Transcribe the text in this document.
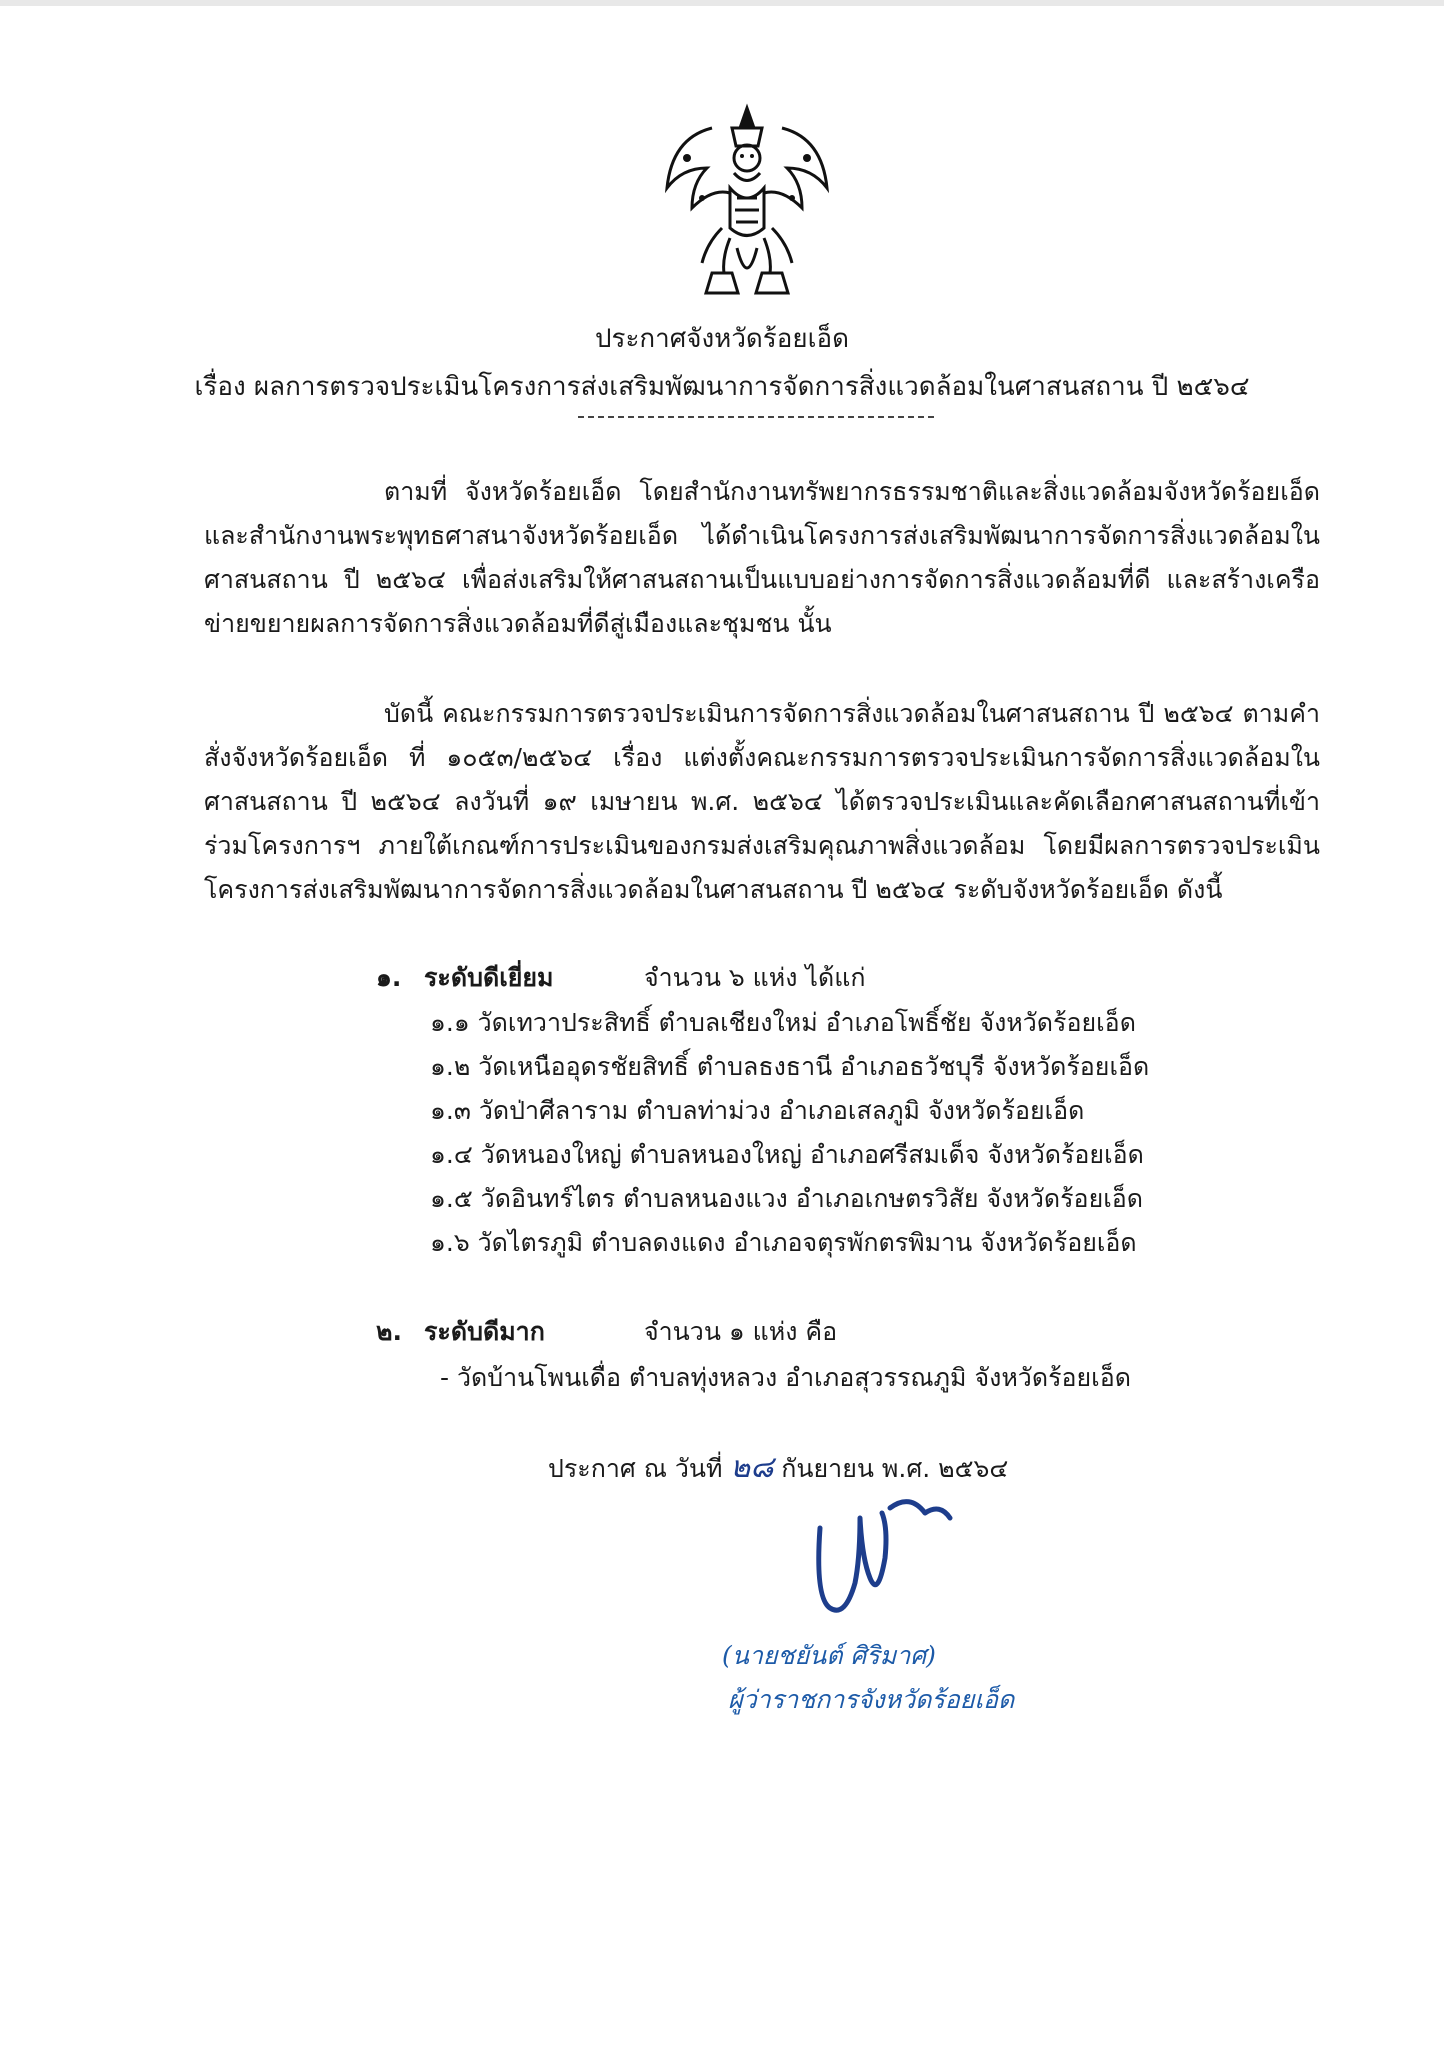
ประกาศจังหวัดร้อยเอ็ด
เรื่อง ผลการตรวจประเมินโครงการส่งเสริมพัฒนาการจัดการสิ่งแวดล้อมในศาสนสถาน ปี ๒๕๖๔
ตามที่ จังหวัดร้อยเอ็ด โดยสำนักงานทรัพยากรธรรมชาติและสิ่งแวดล้อมจังหวัดร้อยเอ็ดและสำนักงานพระพุทธศาสนาจังหวัดร้อยเอ็ด ได้ดำเนินโครงการส่งเสริมพัฒนาการจัดการสิ่งแวดล้อมในศาสนสถาน ปี ๒๕๖๔ เพื่อส่งเสริมให้ศาสนสถานเป็นแบบอย่างการจัดการสิ่งแวดล้อมที่ดี และสร้างเครือข่ายขยายผลการจัดการสิ่งแวดล้อมที่ดีสู่เมืองและชุมชน นั้น
บัดนี้ คณะกรรมการตรวจประเมินการจัดการสิ่งแวดล้อมในศาสนสถาน ปี ๒๕๖๔ ตามคำสั่งจังหวัดร้อยเอ็ด ที่ ๑๐๕๓/๒๕๖๔ เรื่อง แต่งตั้งคณะกรรมการตรวจประเมินการจัดการสิ่งแวดล้อมในศาสนสถาน ปี ๒๕๖๔ ลงวันที่ ๑๙ เมษายน พ.ศ. ๒๕๖๔ ได้ตรวจประเมินและคัดเลือกศาสนสถานที่เข้าร่วมโครงการฯ ภายใต้เกณฑ์การประเมินของกรมส่งเสริมคุณภาพสิ่งแวดล้อม โดยมีผลการตรวจประเมินโครงการส่งเสริมพัฒนาการจัดการสิ่งแวดล้อมในศาสนสถาน ปี ๒๕๖๔ ระดับจังหวัดร้อยเอ็ด ดังนี้
๑. ระดับดีเยี่ยม	จำนวน ๖ แห่ง ได้แก่
๑.๑ วัดเทวาประสิทธิ์ ตำบลเชียงใหม่ อำเภอโพธิ์ชัย จังหวัดร้อยเอ็ด
๑.๒ วัดเหนืออุดรชัยสิทธิ์ ตำบลธงธานี อำเภอธวัชบุรี จังหวัดร้อยเอ็ด
๑.๓ วัดป่าศีลาราม ตำบลท่าม่วง อำเภอเสลภูมิ จังหวัดร้อยเอ็ด
๑.๔ วัดหนองใหญ่ ตำบลหนองใหญ่ อำเภอศรีสมเด็จ จังหวัดร้อยเอ็ด
๑.๕ วัดอินทร์ไตร ตำบลหนองแวง อำเภอเกษตรวิสัย จังหวัดร้อยเอ็ด
๑.๖ วัดไตรภูมิ ตำบลดงแดง อำเภอจตุรพักตรพิมาน จังหวัดร้อยเอ็ด
๒. ระดับดีมาก	จำนวน ๑ แห่ง คือ
- วัดบ้านโพนเดื่อ ตำบลทุ่งหลวง อำเภอสุวรรณภูมิ จังหวัดร้อยเอ็ด
ประกาศ ณ วันที่ ๒๘ กันยายน พ.ศ. ๒๕๖๔
(นายชยันต์ ศิริมาศ)
ผู้ว่าราชการจังหวัดร้อยเอ็ด
